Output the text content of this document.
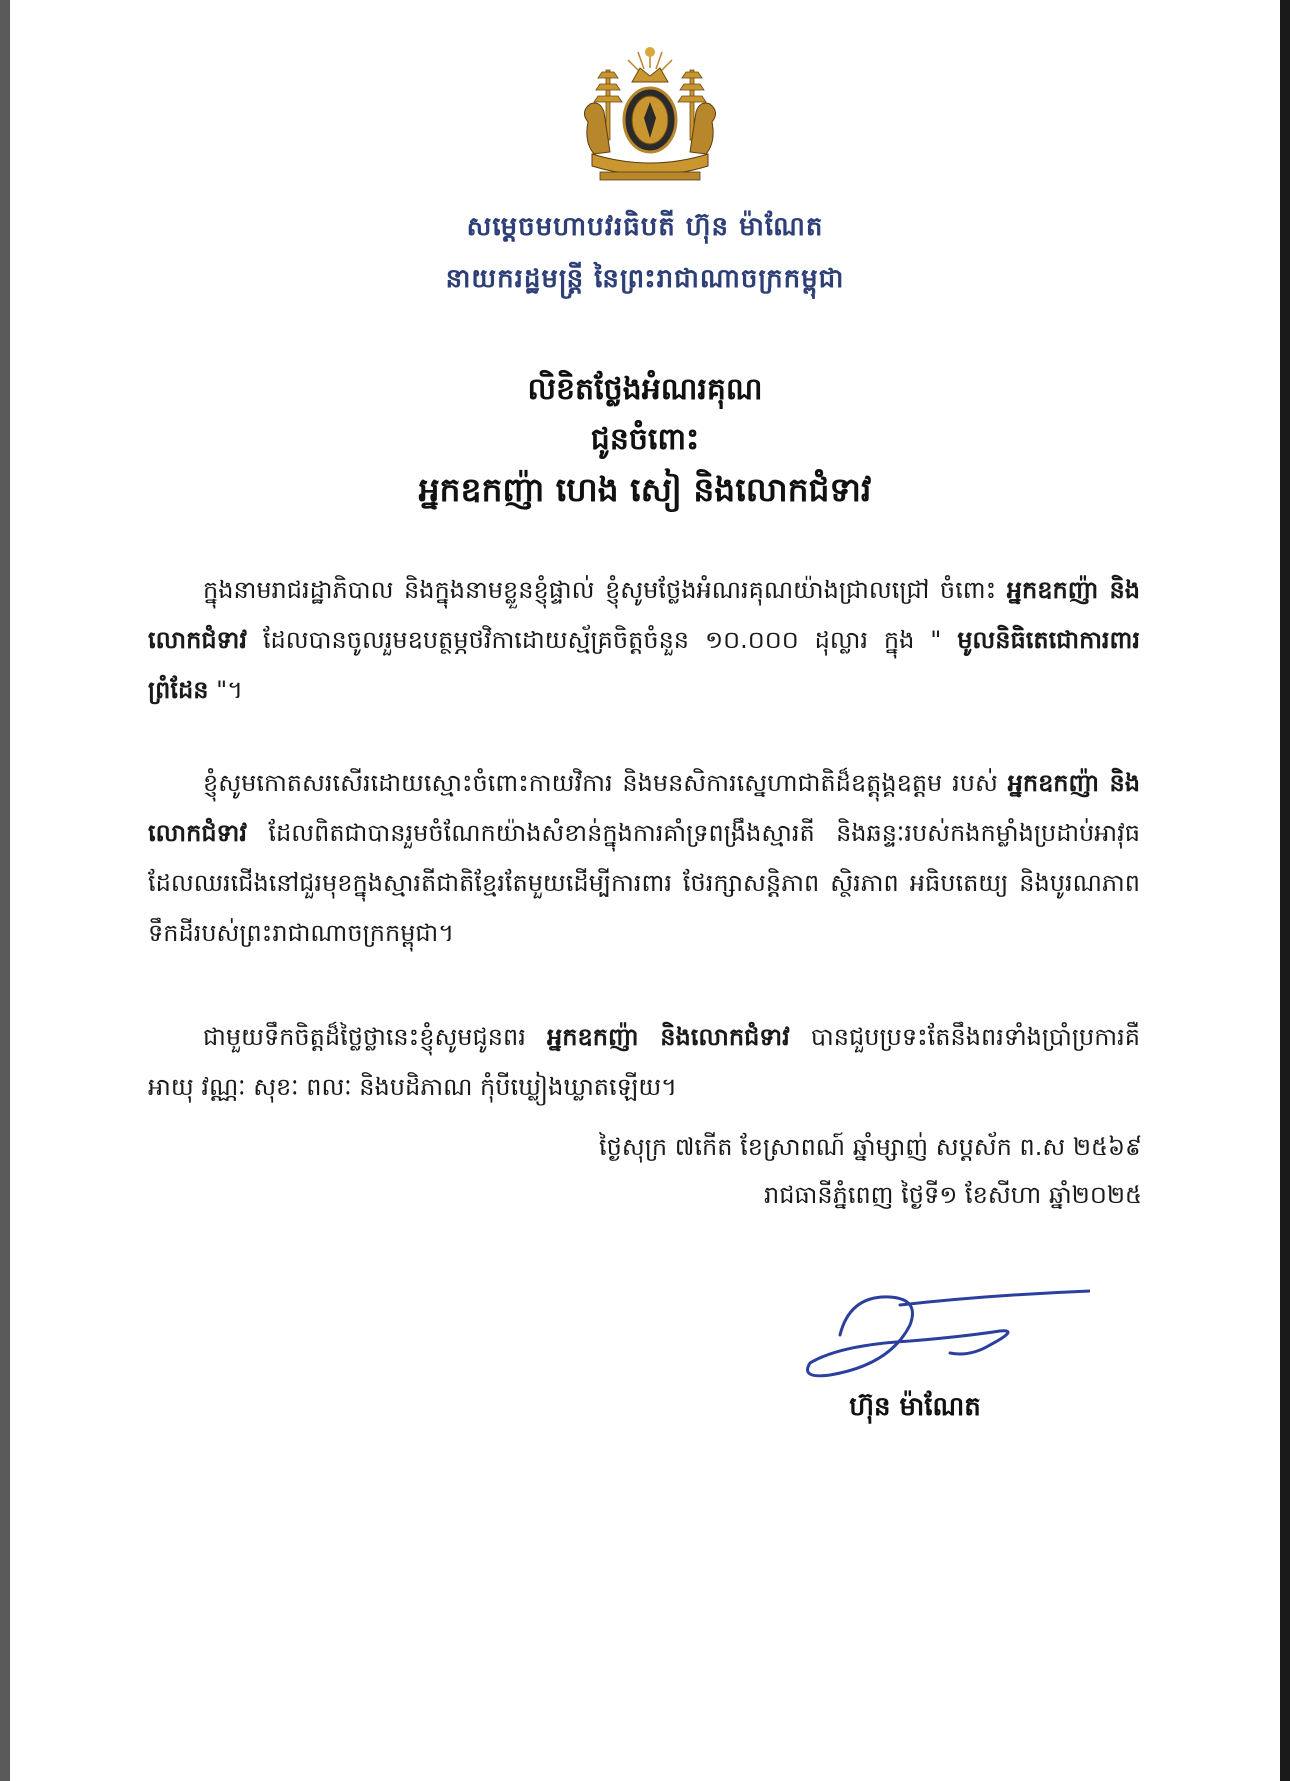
សម្ដេចមហាបវរធិបតី ហ៊ុន ម៉ាណែត
នាយករដ្ឋមន្ត្រី នៃព្រះរាជាណាចក្រកម្ពុជា
លិខិតថ្លែងអំណរគុណ
ជូនចំពោះ
អ្នកឧកញ៉ា ហេង សៀ និងលោកជំទាវ
ក្នុងនាមរាជរដ្ឋាភិបាល និងក្នុងនាមខ្លួនខ្ញុំផ្ទាល់ ខ្ញុំសូមថ្លែងអំណរគុណយ៉ាងជ្រាលជ្រៅ ចំពោះ អ្នកឧកញ៉ា និងលោកជំទាវ ដែលបានចូលរួមឧបត្ថម្ភថវិកាដោយស្ម័គ្រចិត្តចំនួន ១០.០០០ ដុល្លារ ក្នុង " មូលនិធិតេជោការពារព្រំដែន "។
ខ្ញុំសូមកោតសរសើរដោយស្មោះចំពោះកាយវិការ និងមនសិការស្នេហាជាតិដ៏ឧត្តុង្គឧត្តម របស់ អ្នកឧកញ៉ា និងលោកជំទាវ ដែលពិតជាបានរួមចំណែកយ៉ាងសំខាន់ក្នុងការគាំទ្រពង្រឹងស្មារតី និងឆន្ទៈរបស់កងកម្លាំងប្រដាប់អាវុធដែលឈរជើងនៅជួរមុខក្នុងស្មារតីជាតិខ្មែរតែមួយដើម្បីការពារ ថែរក្សាសន្តិភាព ស្ថិរភាព អធិបតេយ្យ និងបូរណភាពទឹកដីរបស់ព្រះរាជាណាចក្រកម្ពុជា។
ជាមួយទឹកចិត្តដ៏ថ្លៃថ្លានេះខ្ញុំសូមជូនពរ អ្នកឧកញ៉ា និងលោកជំទាវ បានជួបប្រទះតែនឹងពរទាំងប្រាំប្រការគឺ អាយុ វណ្ណៈ សុខៈ ពលៈ និងបដិភាណ កុំបីឃ្លៀងឃ្លាតឡើយ។
ថ្ងៃសុក្រ ៧កើត ខែស្រាពណ៍ ឆ្នាំម្សាញ់ សប្តស័ក ព.ស ២៥៦៩
រាជធានីភ្នំពេញ ថ្ងៃទី១ ខែសីហា ឆ្នាំ២០២៥
ហ៊ុន ម៉ាណែត
